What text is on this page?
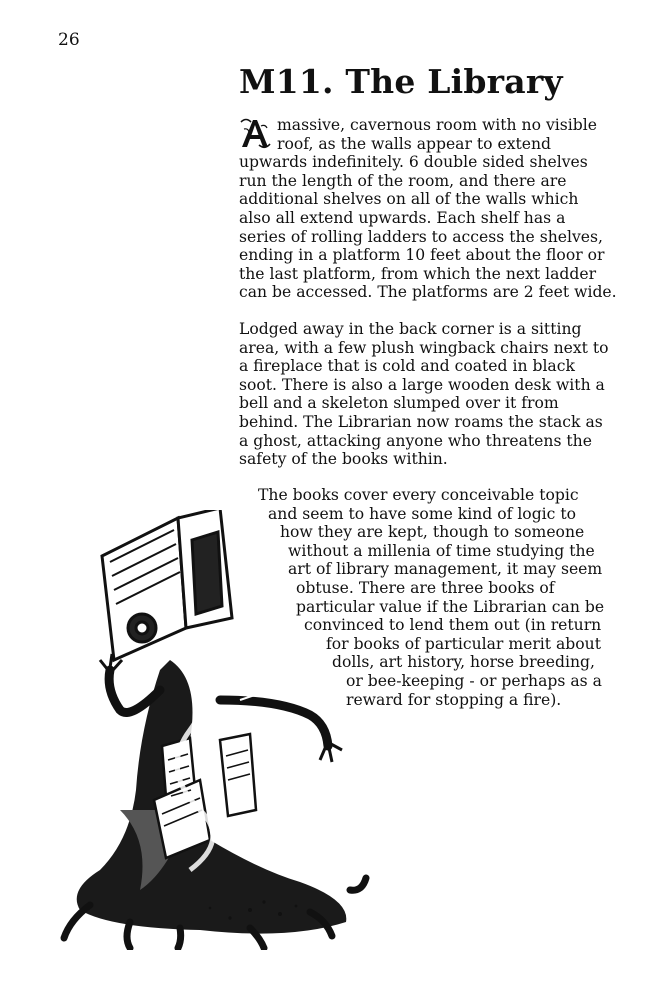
26
M11. The Library
massive, cavernous room with no visible
roof, as the walls appear to extend
upwards indefinitely. 6 double sided shelves
run the length of the room, and there are
additional shelves on all of the walls which
also all extend upwards. Each shelf has a
series of rolling ladders to access the shelves,
ending in a platform 10 feet about the floor or
the last platform, from which the next ladder
can be accessed. The platforms are 2 feet wide.
Lodged away in the back corner is a sitting
area, with a few plush wingback chairs next to
a fireplace that is cold and coated in black
soot. There is also a large wooden desk with a
bell and a skeleton slumped over it from
behind. The Librarian now roams the stack as
a ghost, attacking anyone who threatens the
safety of the books within.
The books cover every conceivable topic
and seem to have some kind of logic to
how they are kept, though to someone
without a millenia of time studying the
art of library management, it may seem
obtuse. There are three books of
particular value if the Librarian can be
convinced to lend them out (in return
for books of particular merit about
dolls, art history, horse breeding,
or bee-keeping - or perhaps as a
reward for stopping a fire).
